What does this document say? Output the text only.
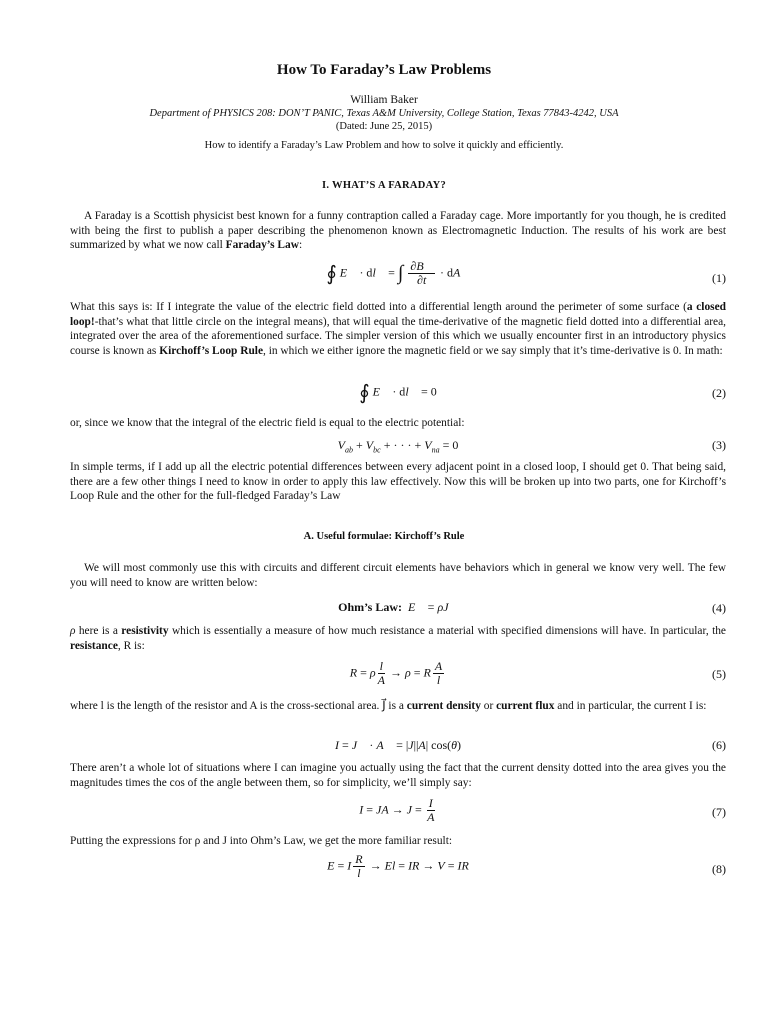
How To Faraday’s Law Problems
William Baker
Department of PHYSICS 208: DON’T PANIC, Texas A&M University, College Station, Texas 77843-4242, USA
(Dated: June 25, 2015)
How to identify a Faraday’s Law Problem and how to solve it quickly and efficiently.
I. WHAT’S A FARADAY?
A Faraday is a Scottish physicist best known for a funny contraption called a Faraday cage. More importantly for you though, he is credited with being the first to publish a paper describing the phenomenon known as Electromagnetic Induction. The results of his work are best summarized by what we now call Faraday’s Law:
∮ E⃗ · dl⃗ = ∫ $\frac{\partial B⃗}{\partial t}$ · dA⃗	(1)
What this says is: If I integrate the value of the electric field dotted into a differential length around the perimeter of some surface (a closed loop!-that’s what that little circle on the integral means), that will equal the time-derivative of the magnetic field dotted into a differential area, integrated over the area of the aforementioned surface. The simpler version of this which we usually encounter first in an introductory physics course is known as Kirchoff’s Loop Rule, in which we either ignore the magnetic field or we say simply that it’s time-derivative is 0. In math:
∮ E⃗ · dl⃗ = 0	(2)
or, since we know that the integral of the electric field is equal to the electric potential:
$V_{ab} + V_{bc}$ + · · · + $V_{na} = 0$	(3)
In simple terms, if I add up all the electric potential differences between every adjacent point in a closed loop, I should get 0. That being said, there are a few other things I need to know in order to apply this law effectively. Now this will be broken up into two parts, one for Kirchoff’s Loop Rule and the other for the full-fledged Faraday’s Law
A. Useful formulae: Kirchoff’s Rule
We will most commonly use this with circuits and different circuit elements have behaviors which in general we know very well. The few you will need to know are written below:
Ohm’s Law: E⃗ = ρJ⃗	(4)
ρ here is a resistivity which is essentially a measure of how much resistance a material with specified dimensions will have. In particular, the resistance, R is:
R = ρ $\frac{l}{A} \to \rho = R \frac{A}{l}$	(5)
where l is the length of the resistor and A is the cross-sectional area. J⃗ is a current density or current flux and in particular, the current I is:
I = J⃗ · A⃗ = |J||A| cos(θ)	(6)
There aren’t a whole lot of situations where I can imagine you actually using the fact that the current density dotted into the area gives you the magnitudes times the cos of the angle between them, so for simplicity, we’ll simply say:
I = JA → $J = \frac{I}{A}$	(7)
Putting the expressions for ρ and J into Ohm’s Law, we get the more familiar result:
E = I $\frac{R}{l} \to El$ = IR → V = IR	(8)
